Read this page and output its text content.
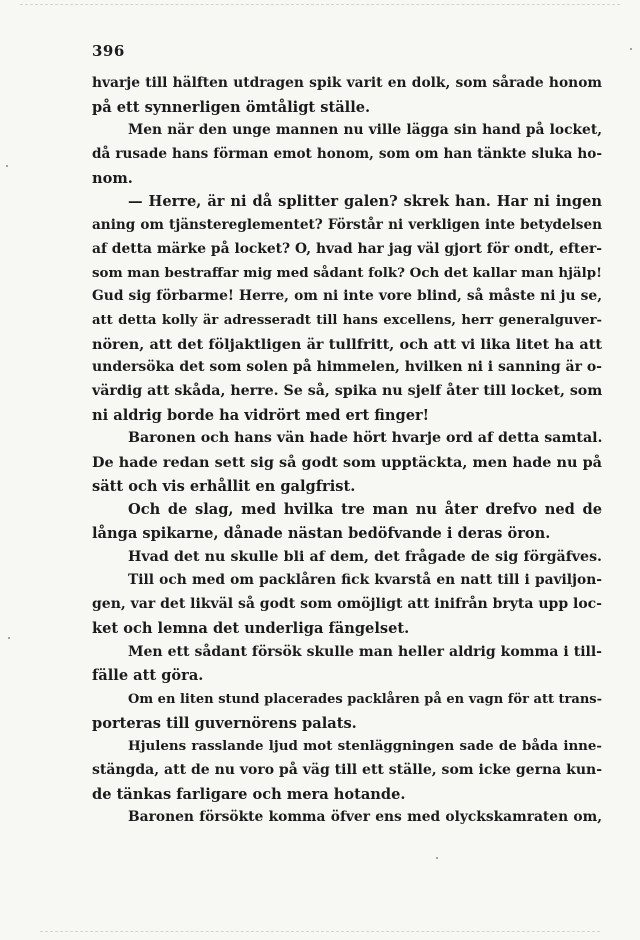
396
hvarje till hälften utdragen spik varit en dolk, som sårade honom
på ett synnerligen ömtåligt ställe.
Men när den unge mannen nu ville lägga sin hand på locket,
då rusade hans förman emot honom, som om han tänkte sluka ho-
nom.
— Herre, är ni då splitter galen? skrek han. Har ni ingen
aning om tjänstereglementet? Förstår ni verkligen inte betydelsen
af detta märke på locket? O, hvad har jag väl gjort för ondt, efter-
som man bestraffar mig med sådant folk? Och det kallar man hjälp!
Gud sig förbarme! Herre, om ni inte vore blind, så måste ni ju se,
att detta kolly är adresseradt till hans excellens, herr generalguver-
nören, att det följaktligen är tullfritt, och att vi lika litet ha att
undersöka det som solen på himmelen, hvilken ni i sanning är o-
värdig att skåda, herre. Se så, spika nu sjelf åter till locket, som
ni aldrig borde ha vidrört med ert finger!
Baronen och hans vän hade hört hvarje ord af detta samtal.
De hade redan sett sig så godt som upptäckta, men hade nu på
sätt och vis erhållit en galgfrist.
Och de slag, med hvilka tre man nu åter drefvo ned de
långa spikarne, dånade nästan bedöfvande i deras öron.
Hvad det nu skulle bli af dem, det frågade de sig förgäfves.
Till och med om packlåren fick kvarstå en natt till i paviljon-
gen, var det likväl så godt som omöjligt att inifrån bryta upp loc-
ket och lemna det underliga fängelset.
Men ett sådant försök skulle man heller aldrig komma i till-
fälle att göra.
Om en liten stund placerades packlåren på en vagn för att trans-
porteras till guvernörens palats.
Hjulens rasslande ljud mot stenläggningen sade de båda inne-
stängda, att de nu voro på väg till ett ställe, som icke gerna kun-
de tänkas farligare och mera hotande.
Baronen försökte komma öfver ens med olyckskamraten om,
